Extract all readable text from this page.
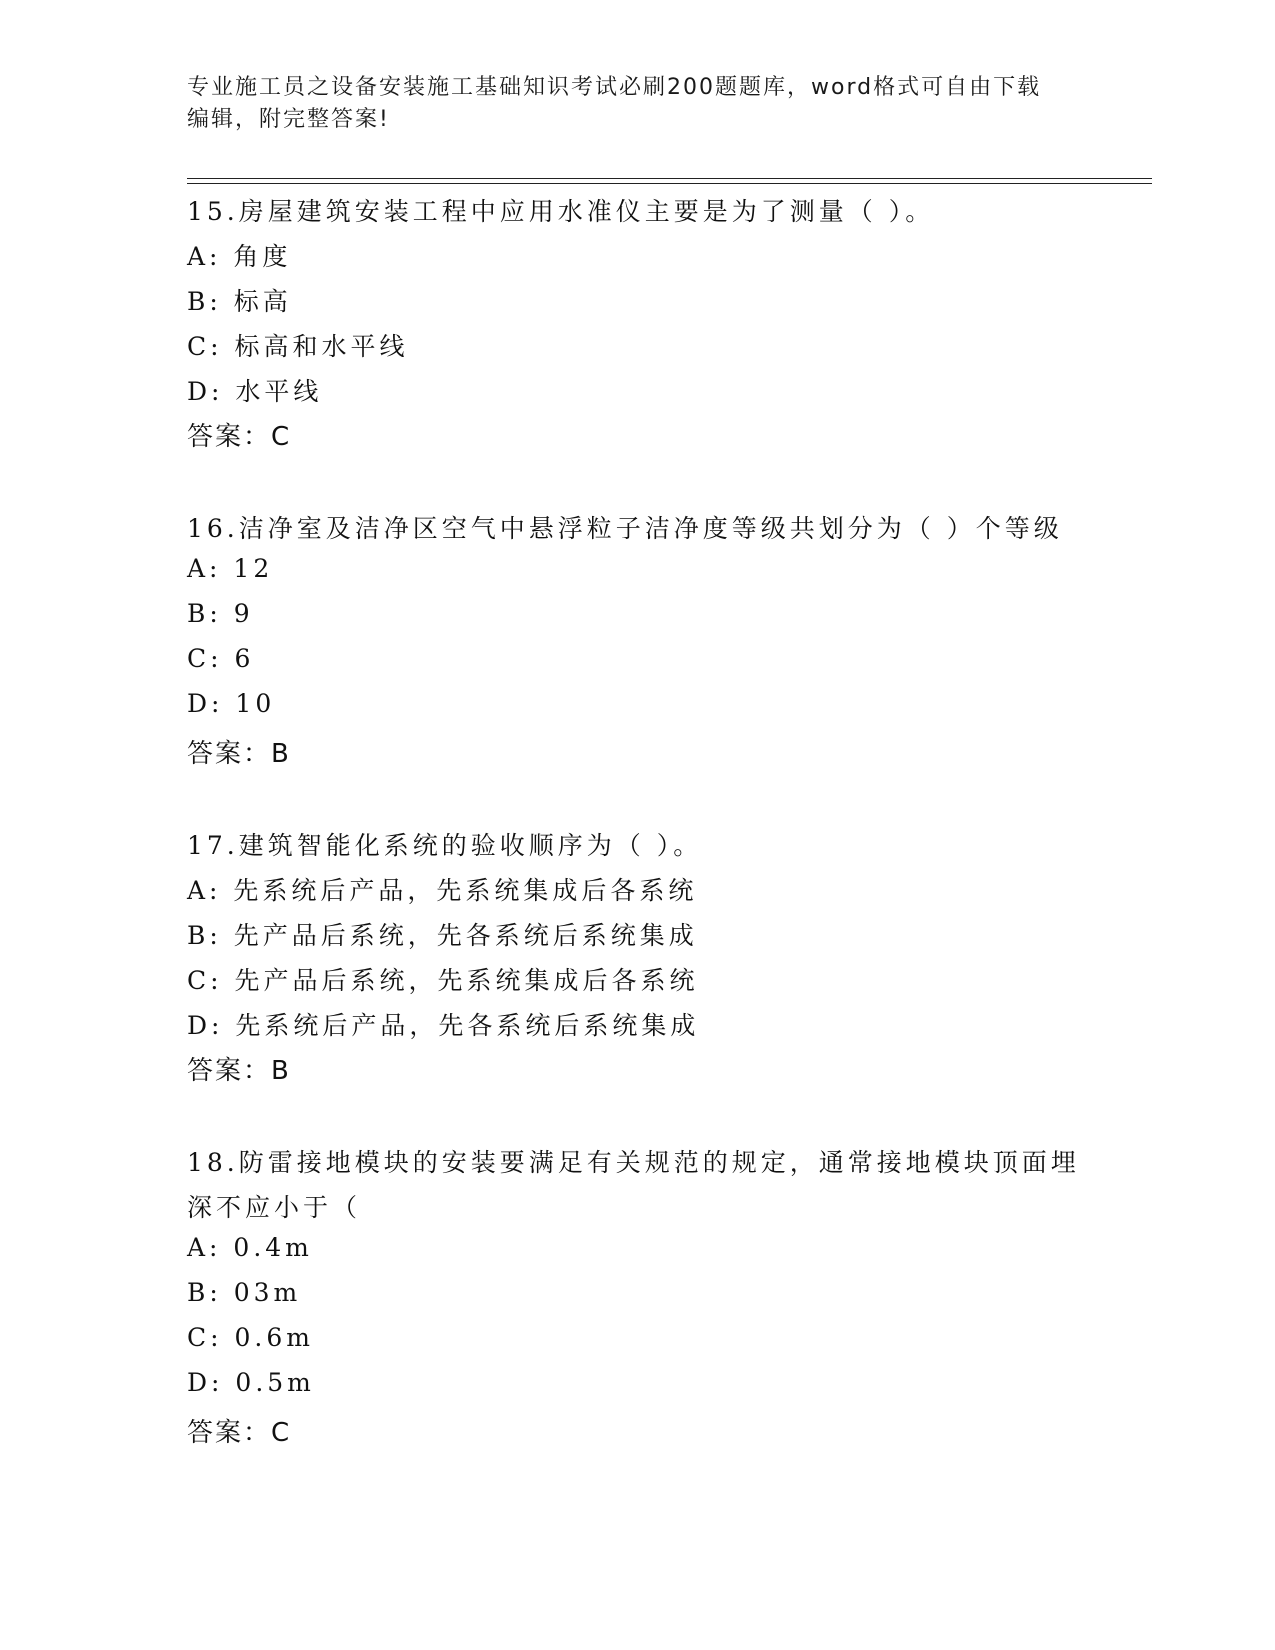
专业施工员之设备安装施工基础知识考试必刷200题题库，word格式可自由下载
编辑，附完整答案!
15.房屋建筑安装工程中应用水准仪主要是为了测量（ ）。
A: 角度
B: 标高
C: 标高和水平线
D: 水平线
答案：C
16.洁净室及洁净区空气中悬浮粒子洁净度等级共划分为（ ）个等级
A: 12
B: 9
C: 6
D: 10
答案：B
17.建筑智能化系统的验收顺序为（ ）。
A: 先系统后产品，先系统集成后各系统
B: 先产品后系统，先各系统后系统集成
C: 先产品后系统，先系统集成后各系统
D: 先系统后产品，先各系统后系统集成
答案：B
18.防雷接地模块的安装要满足有关规范的规定，通常接地模块顶面埋
深不应小于（
A: 0.4m
B: 03m
C: 0.6m
D: 0.5m
答案：C
